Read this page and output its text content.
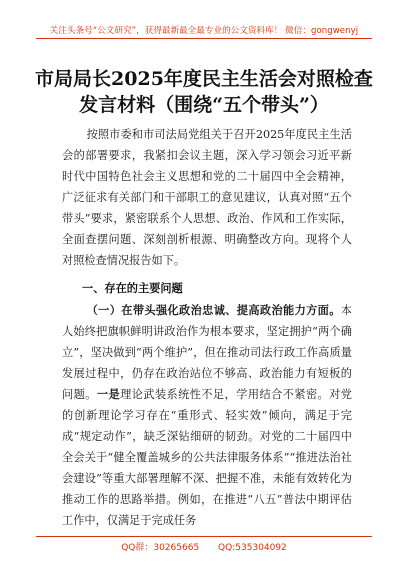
关注头条号“公文研究”，获得最新最全最专业的公文资料库！ 微信：gongwenyj
市局局长2025年度民主生活会对照检查
发言材料（围绕“五个带头”）
按照市委和市司法局党组关于召开2025年度民主生活会的部署要求，我紧扣会议主题，深入学习领会习近平新时代中国特色社会主义思想和党的二十届四中全会精神，广泛征求有关部门和干部职工的意见建议，认真对照“五个带头”要求，紧密联系个人思想、政治、作风和工作实际，全面查摆问题、深刻剖析根源、明确整改方向。现将个人对照检查情况报告如下。
一、存在的主要问题
（一）在带头强化政治忠诚、提高政治能力方面。本人始终把旗帜鲜明讲政治作为根本要求，坚定拥护“两个确立”，坚决做到“两个维护”，但在推动司法行政工作高质量发展过程中，仍存在政治站位不够高、政治能力有短板的问题。一是理论武装系统性不足，学用结合不紧密。对党的创新理论学习存在“重形式、轻实效”倾向，满足于完成“规定动作”，缺乏深钻细研的韧劲。对党的二十届四中全会关于“健全覆盖城乡的公共法律服务体系”“推进法治社会建设”等重大部署理解不深、把握不准，未能有效转化为推动工作的思路举措。例如，在推进“八五”普法中期评估工作中，仅满足于完成任务
QQ群：30265665 QQ:535304092
